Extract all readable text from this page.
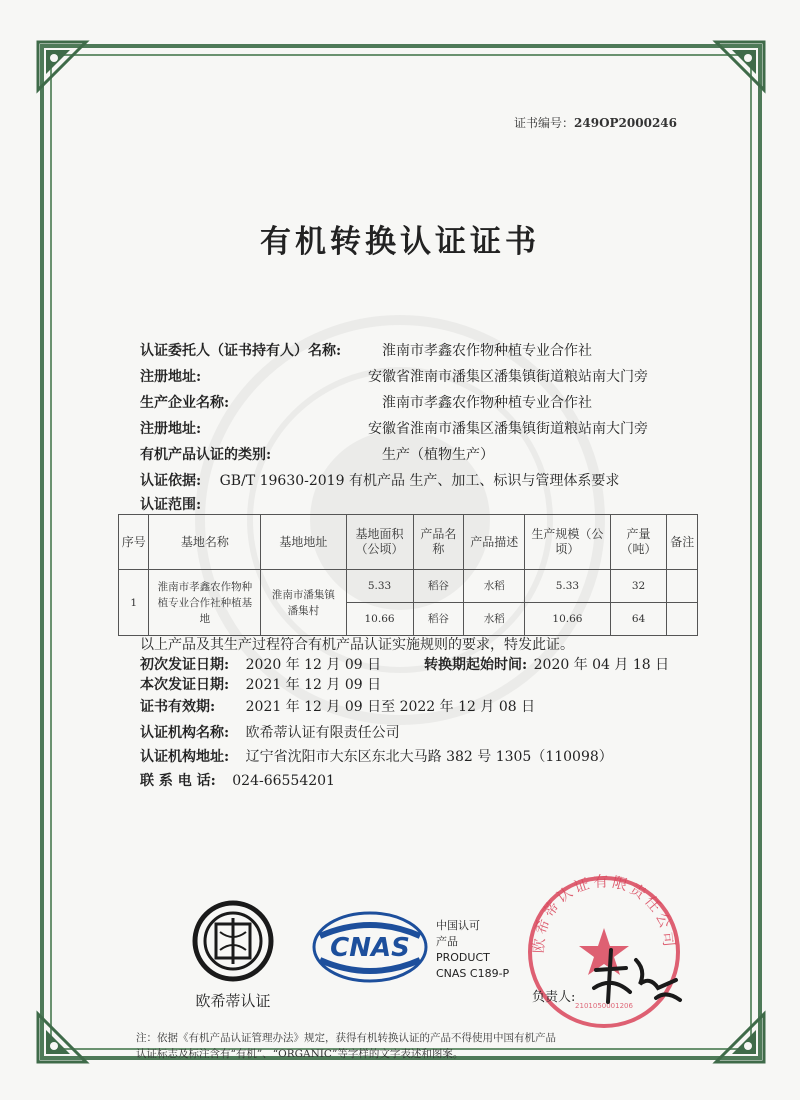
证书编号：249OP2000246
有机转换认证证书
认证委托人（证书持有人）名称:	淮南市孝鑫农作物种植专业合作社
注册地址:	安徽省淮南市潘集区潘集镇街道粮站南大门旁
生产企业名称:	淮南市孝鑫农作物种植专业合作社
注册地址:	安徽省淮南市潘集区潘集镇街道粮站南大门旁
有机产品认证的类别:	生产（植物生产）
认证依据: GB/T 19630-2019 有机产品 生产、加工、标识与管理体系要求
认证范围:
序号	基地名称	基地地址	基地面积（公顷）	产品名称	产品描述	生产规模（公顷）	产量（吨）	备注
1	淮南市孝鑫农作物种植专业合作社种植基地	淮南市潘集镇潘集村	5.33	稻谷	水稻	5.33	32	
			10.66	稻谷	水稻	10.66	64	
以上产品及其生产过程符合有机产品认证实施规则的要求，特发此证。
初次发证日期: 2020 年 12 月 09 日	转换期起始时间: 2020 年 04 月 18 日
本次发证日期: 2021 年 12 月 09 日
证书有效期: 2021 年 12 月 09 日至 2022 年 12 月 08 日
认证机构名称: 欧希蒂认证有限责任公司
认证机构地址: 辽宁省沈阳市大东区东北大马路 382 号 1305（110098）
联 系 电 话: 024-66554201
欧希蒂认证
CNAS
中国认可
产品
PRODUCT
CNAS C189-P
欧希蒂认证有限责任公司
2101050001206
负责人:
注：依据《有机产品认证管理办法》规定，获得有机转换认证的产品不得使用中国有机产品
认证标志及标注含有“有机”、“ORGANIC”等字样的文字表述和图案。
